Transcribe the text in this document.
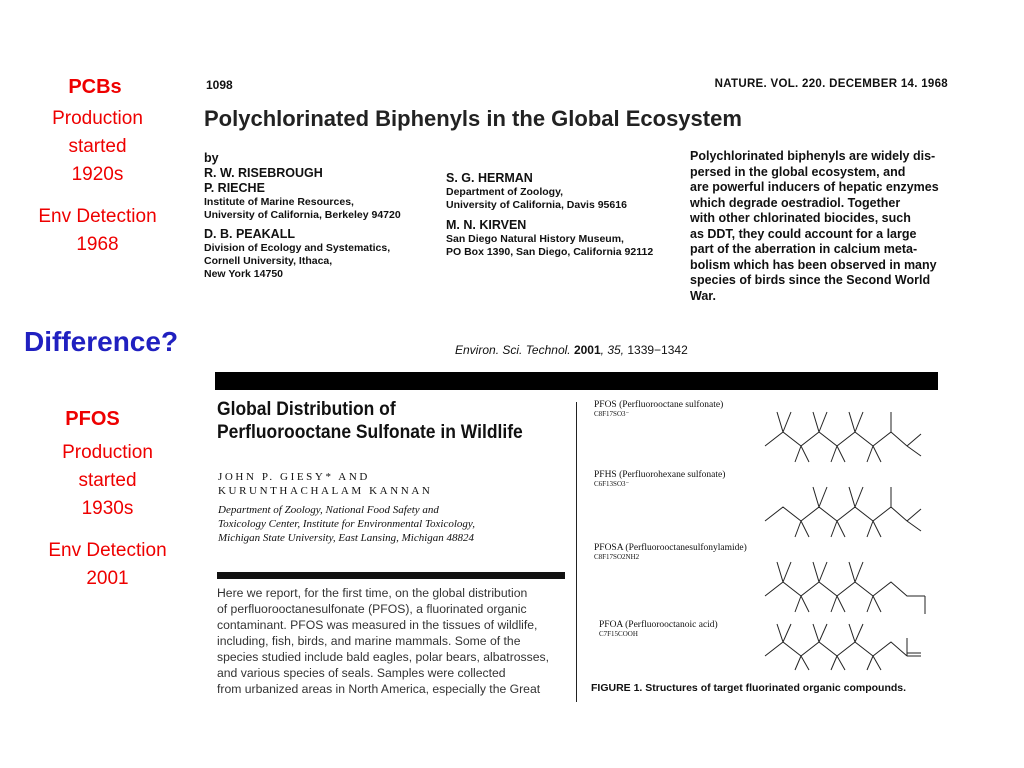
PCBs
Production
started
1920s
Env Detection
1968
Difference?
PFOS
Production
started
1930s
Env Detection
2001
1098	NATURE. VOL. 220. DECEMBER 14. 1968
Polychlorinated Biphenyls in the Global Ecosystem
by
R. W. RISEBROUGH
P. RIECHE
Institute of Marine Resources,
University of California, Berkeley 94720
D. B. PEAKALL
Division of Ecology and Systematics,
Cornell University, Ithaca,
New York 14750
S. G. HERMAN
Department of Zoology,
University of California, Davis 95616
M. N. KIRVEN
San Diego Natural History Museum,
PO Box 1390, San Diego, California 92112
Polychlorinated biphenyls are widely dis-
persed in the global ecosystem, and
are powerful inducers of hepatic enzymes
which degrade oestradiol. Together
with other chlorinated biocides, such
as DDT, they could account for a large
part of the aberration in calcium meta-
bolism which has been observed in many
species of birds since the Second World
War.
Environ. Sci. Technol. 2001, 35, 1339−1342
Global Distribution of
Perfluorooctane Sulfonate in Wildlife
JOHN P. GIESY* AND
KURUNTHACHALAM KANNAN
Department of Zoology, National Food Safety and
Toxicology Center, Institute for Environmental Toxicology,
Michigan State University, East Lansing, Michigan 48824
Here we report, for the first time, on the global distribution
of perfluorooctanesulfonate (PFOS), a fluorinated organic
contaminant. PFOS was measured in the tissues of wildlife,
including, fish, birds, and marine mammals. Some of the
species studied include bald eagles, polar bears, albatrosses,
and various species of seals. Samples were collected
from urbanized areas in North America, especially the Great
PFOS (Perfluorooctane sulfonate)
C8F17SO3⁻
PFHS (Perfluorohexane sulfonate)
C6F13SO3⁻
PFOSA (Perfluorooctanesulfonylamide)
C8F17SO2NH2
PFOA (Perfluorooctanoic acid)
C7F15COOH
FIGURE 1. Structures of target fluorinated organic compounds.
